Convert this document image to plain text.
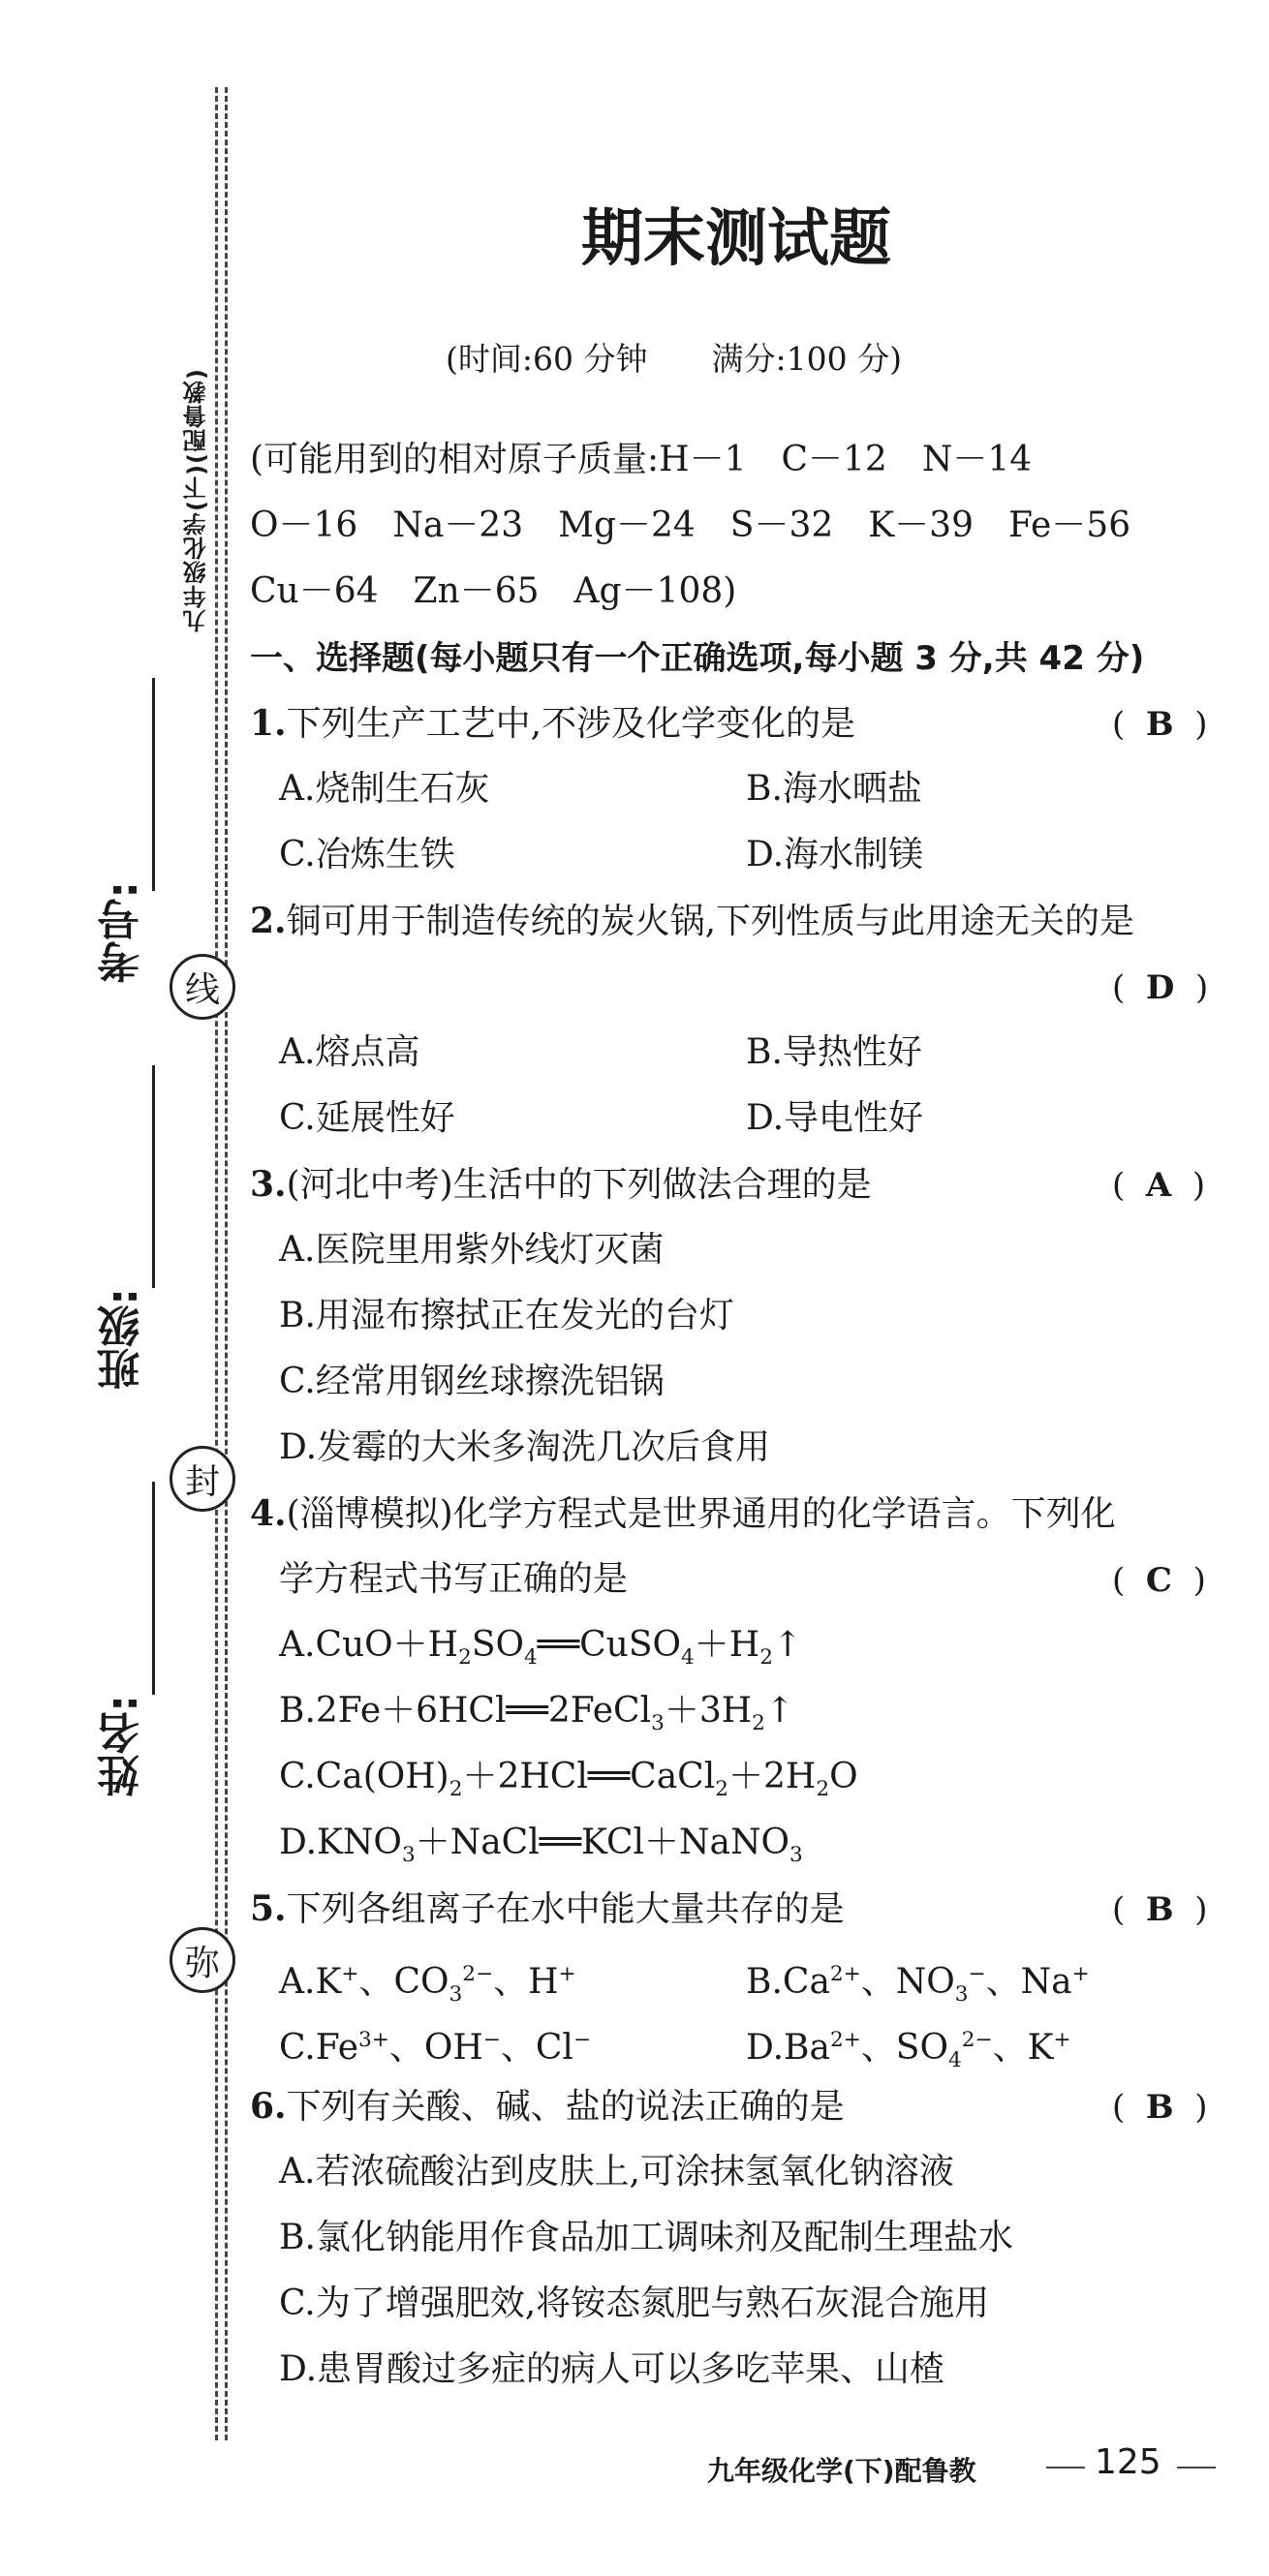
九年级化学(下)(配鲁教)
考号:
班级:
姓名:
线
封
弥
期末测试题
(时间:60 分钟　　满分:100 分)
(可能用到的相对原子质量:H－1　C－12　N－14
O－16　Na－23　Mg－24　S－32　K－39　Fe－56
Cu－64　Zn－65　Ag－108)
一、选择题(每小题只有一个正确选项,每小题 3 分,共 42 分)
1.下列生产工艺中,不涉及化学变化的是	(  B  )
A.烧制生石灰	B.海水晒盐
C.冶炼生铁	D.海水制镁
2.铜可用于制造传统的炭火锅,下列性质与此用途无关的是
(  D  )
A.熔点高	B.导热性好
C.延展性好	D.导电性好
3.(河北中考)生活中的下列做法合理的是	(  A  )
A.医院里用紫外线灯灭菌
B.用湿布擦拭正在发光的台灯
C.经常用钢丝球擦洗铝锅
D.发霉的大米多淘洗几次后食用
4.(淄博模拟)化学方程式是世界通用的化学语言。下列化
学方程式书写正确的是	(  C  )
$A.CuO+H_2SO_4══CuSO_4+H_2↑$
$B.2Fe+6HCl══2FeCl_3+3H_2↑$
$C.Ca(OH)_2+2HCl══CaCl_2+2H_2O$
$D.KNO_3+NaCl══KCl+NaNO_3$
5.下列各组离子在水中能大量共存的是	(  B  )
A.K+、$CO_3^{2-}$、H+	$B.Ca^{2+}$、$NO_3^-$、Na+
$C.Fe^{3+}$、OH−、Cl−	$D.Ba^{2+}$、$SO_4^{2-}$、K+
6.下列有关酸、碱、盐的说法正确的是	(  B  )
A.若浓硫酸沾到皮肤上,可涂抹氢氧化钠溶液
B.氯化钠能用作食品加工调味剂及配制生理盐水
C.为了增强肥效,将铵态氮肥与熟石灰混合施用
D.患胃酸过多症的病人可以多吃苹果、山楂
九年级化学(下)配鲁教	125
